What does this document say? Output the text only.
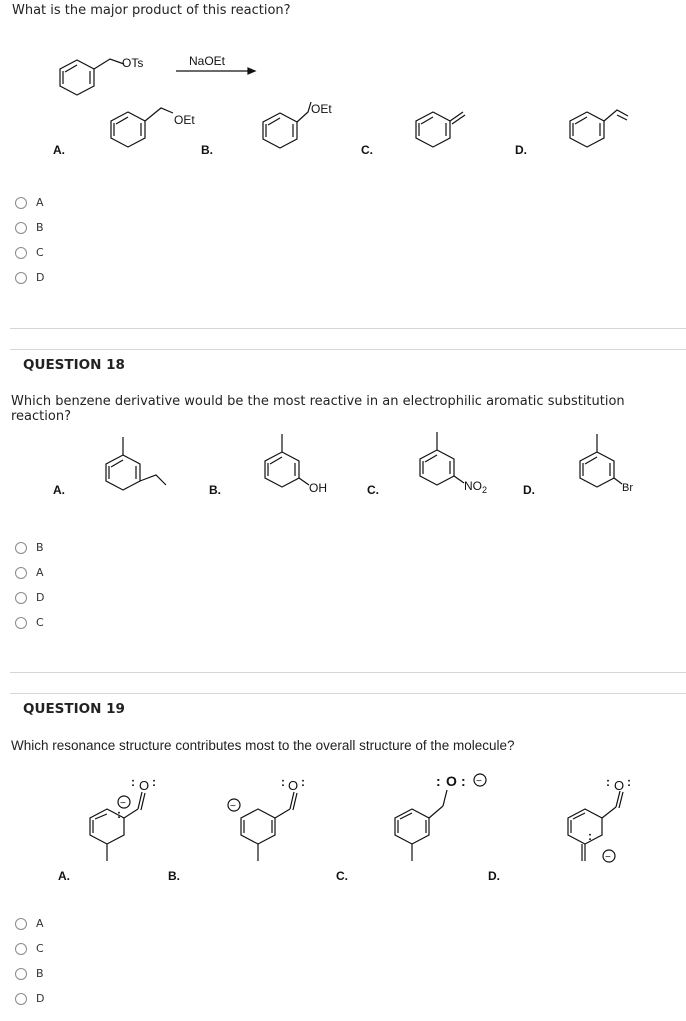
What is the major product of this reaction?
OTs	NaOEt
OEt
OEt
A.	B.	C.	D.
A
B
C
D
QUESTION 18
Which benzene derivative would be the most reactive in an electrophilic aromatic substitution reaction?
OH	$NO_2$	Br
A.	B.	C.	D.
B
A
D
C
QUESTION 19
Which resonance structure contributes most to the overall structure of the molecule?
O	O	O	O
: :	: :	: :	: :
:
:
−	−
−
−
A.	B.	C.	D.
A
C
B
D
